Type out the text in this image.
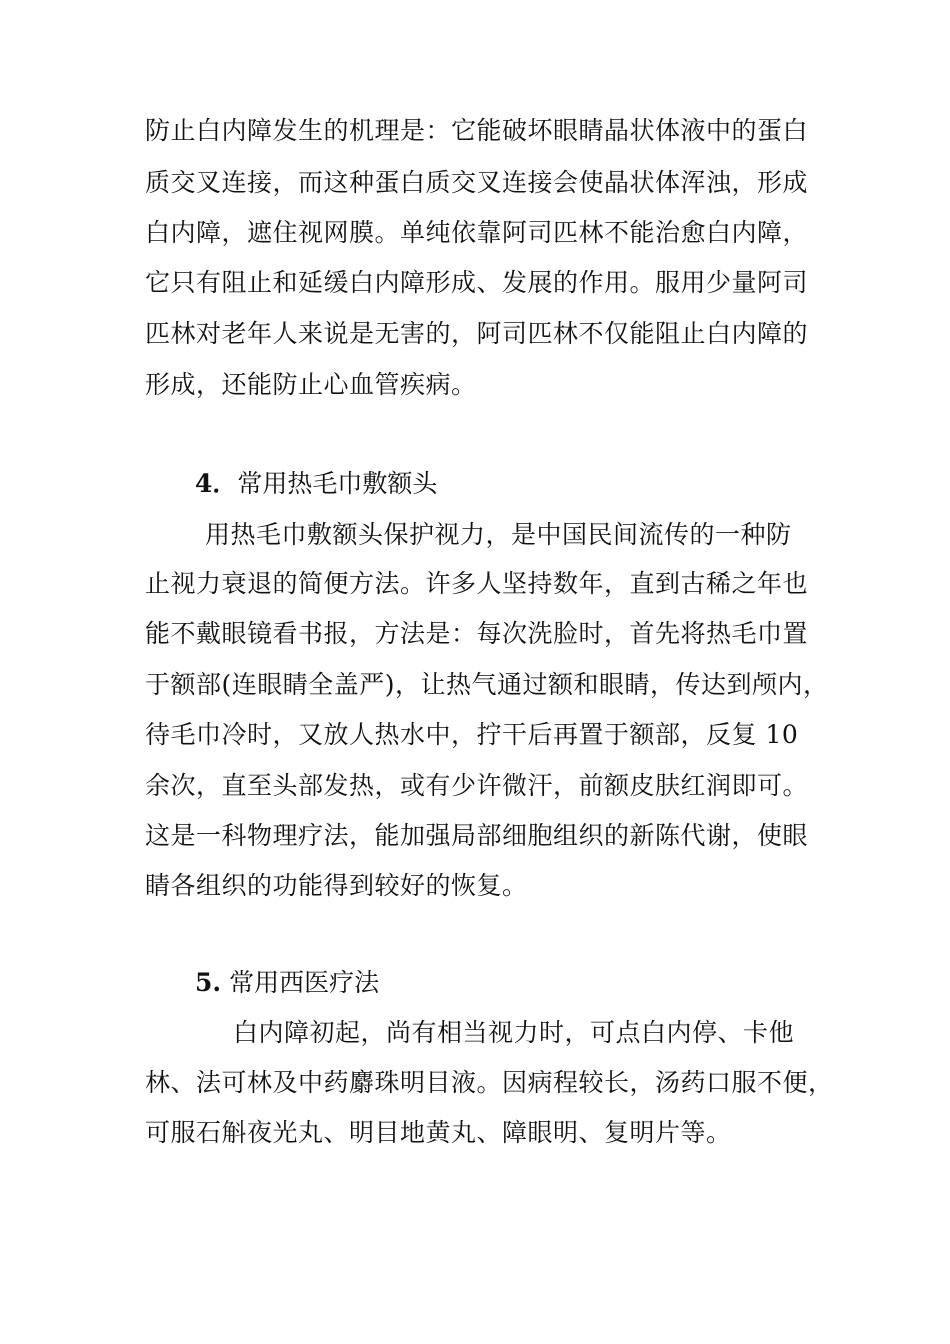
防止白内障发生的机理是：它能破坏眼睛晶状体液中的蛋白
质交叉连接，而这种蛋白质交叉连接会使晶状体浑浊，形成
白内障，遮住视网膜。单纯依靠阿司匹林不能治愈白内障，
它只有阻止和延缓白内障形成、发展的作用。服用少量阿司
匹林对老年人来说是无害的，阿司匹林不仅能阻止白内障的
形成，还能防止心血管疾病。
4．常用热毛巾敷额头
用热毛巾敷额头保护视力，是中国民间流传的一种防
止视力衰退的简便方法。许多人坚持数年，直到古稀之年也
能不戴眼镜看书报，方法是：每次洗脸时，首先将热毛巾置
于额部(连眼睛全盖严)，让热气通过额和眼睛，传达到颅内，
待毛巾冷时，又放人热水中，拧干后再置于额部，反复 10
余次，直至头部发热，或有少许微汗，前额皮肤红润即可。
这是一科物理疗法，能加强局部细胞组织的新陈代谢，使眼
睛各组织的功能得到较好的恢复。
5. 常用西医疗法
白内障初起，尚有相当视力时，可点白内停、卡他
林、法可林及中药麝珠明目液。因病程较长，汤药口服不便，
可服石斛夜光丸、明目地黄丸、障眼明、复明片等。
